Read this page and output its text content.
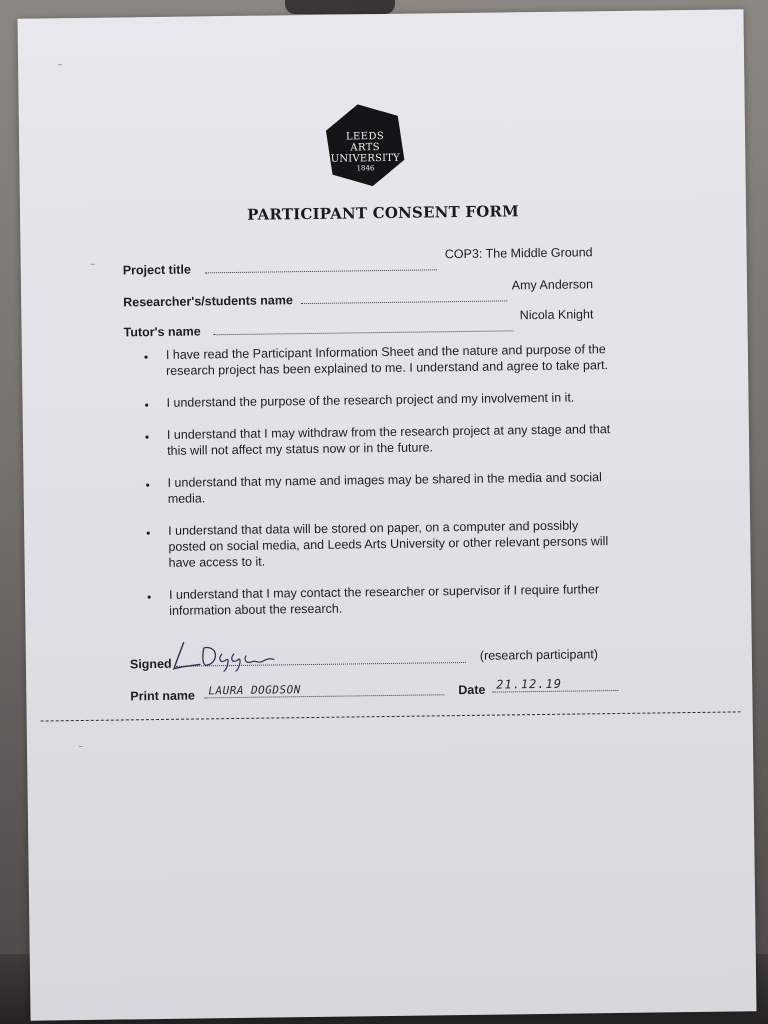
LEEDS
ARTS
UNIVERSITY
1846
PARTICIPANT CONSENT FORM
Project title
COP3: The Middle Ground
Researcher's/students name
Amy Anderson
Tutor's name
Nicola Knight
• I have read the Participant Information Sheet and the nature and purpose of the research project has been explained to me. I understand and agree to take part.
• I understand the purpose of the research project and my involvement in it.
• I understand that I may withdraw from the research project at any stage and that this will not affect my status now or in the future.
• I understand that my name and images may be shared in the media and social media.
• I understand that data will be stored on paper, on a computer and possibly posted on social media, and Leeds Arts University or other relevant persons will have access to it.
• I understand that I may contact the researcher or supervisor if I require further information about the research.
Signed
(research participant)
Print name LAURA DOGDSON	Date 21.12.19
